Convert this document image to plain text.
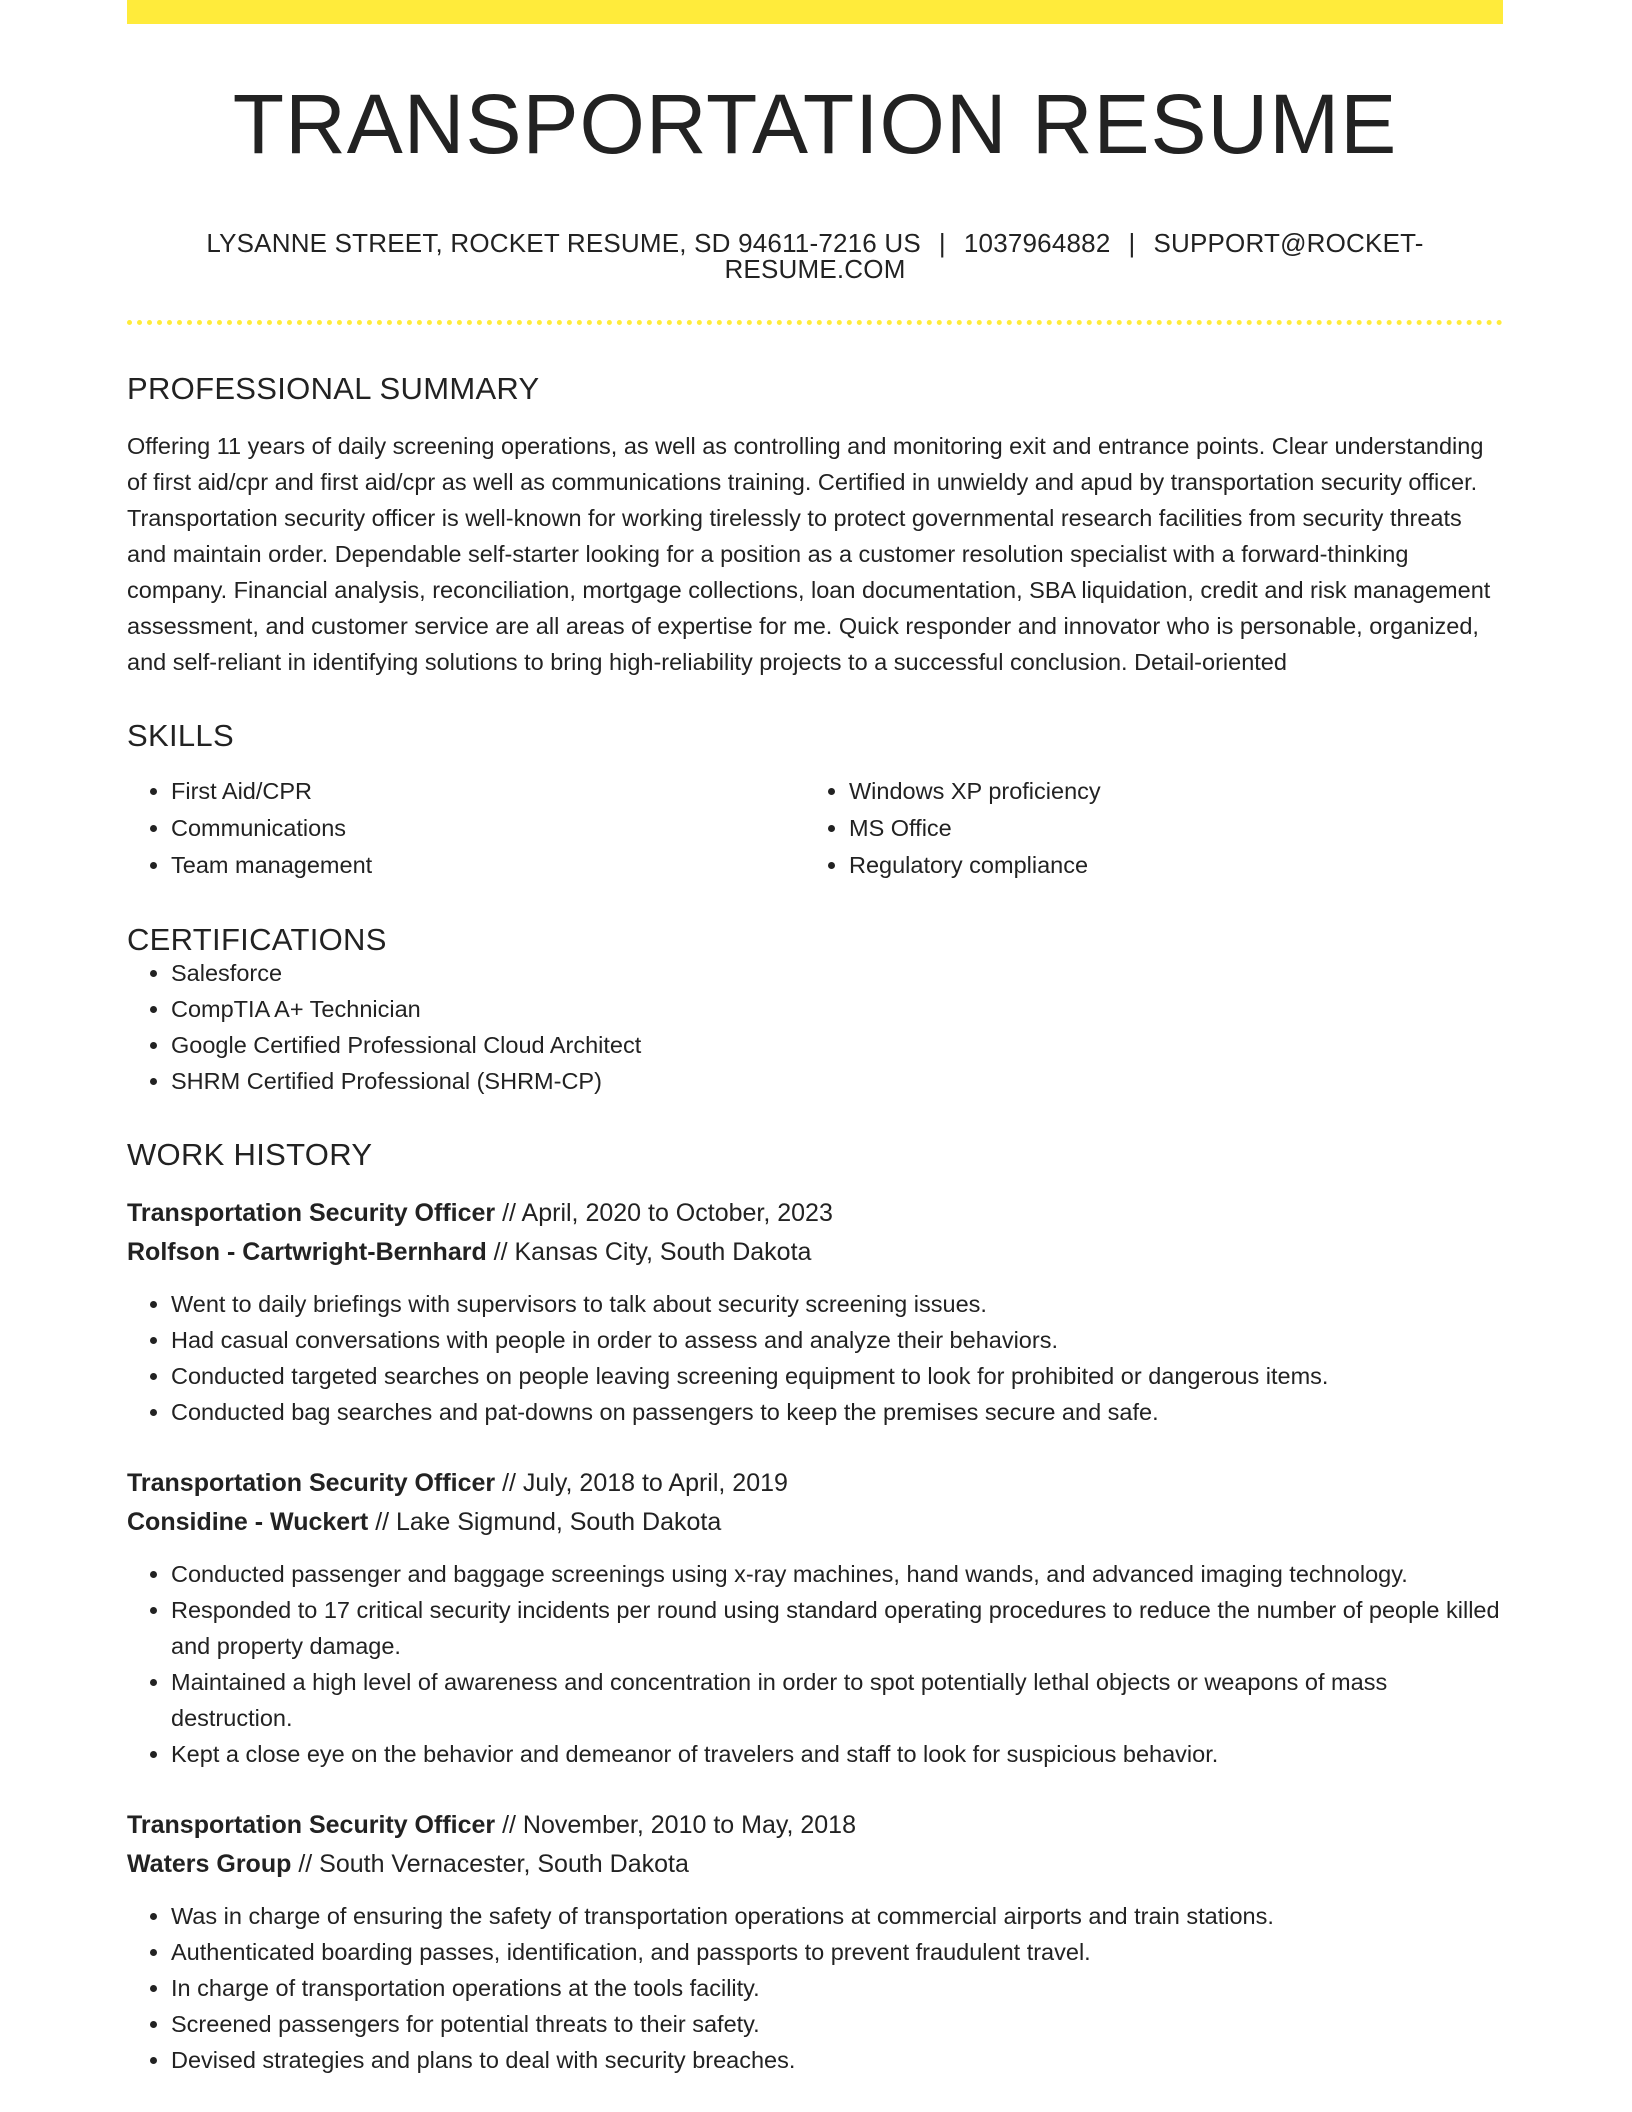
TRANSPORTATION RESUME
LYSANNE STREET, ROCKET RESUME, SD 94611-7216 US | 1037964882 | SUPPORT@ROCKET-RESUME.COM
PROFESSIONAL SUMMARY

Offering 11 years of daily screening operations, as well as controlling and monitoring exit and entrance points. Clear understanding of first aid/cpr and first aid/cpr as well as communications training. Certified in unwieldy and apud by transportation security officer. Transportation security officer is well-known for working tirelessly to protect governmental research facilities from security threats and maintain order. Dependable self-starter looking for a position as a customer resolution specialist with a forward-thinking company. Financial analysis, reconciliation, mortgage collections, loan documentation, SBA liquidation, credit and risk management assessment, and customer service are all areas of expertise for me. Quick responder and innovator who is personable, organized, and self-reliant in identifying solutions to bring high-reliability projects to a successful conclusion. Detail-oriented

SKILLS
• First Aid/CPR
• Communications
• Team management
• Windows XP proficiency
• MS Office
• Regulatory compliance
CERTIFICATIONS
• Salesforce
• CompTIA A+ Technician
• Google Certified Professional Cloud Architect
• SHRM Certified Professional (SHRM-CP)
WORK HISTORY
Transportation Security Officer // April, 2020 to October, 2023
Rolfson - Cartwright-Bernhard // Kansas City, South Dakota
• Went to daily briefings with supervisors to talk about security screening issues.
• Had casual conversations with people in order to assess and analyze their behaviors.
• Conducted targeted searches on people leaving screening equipment to look for prohibited or dangerous items.
• Conducted bag searches and pat-downs on passengers to keep the premises secure and safe.
Transportation Security Officer // July, 2018 to April, 2019
Considine - Wuckert // Lake Sigmund, South Dakota
• Conducted passenger and baggage screenings using x-ray machines, hand wands, and advanced imaging technology.
• Responded to 17 critical security incidents per round using standard operating procedures to reduce the number of people killed and property damage.
• Maintained a high level of awareness and concentration in order to spot potentially lethal objects or weapons of mass destruction.
• Kept a close eye on the behavior and demeanor of travelers and staff to look for suspicious behavior.
Transportation Security Officer // November, 2010 to May, 2018
Waters Group // South Vernacester, South Dakota
• Was in charge of ensuring the safety of transportation operations at commercial airports and train stations.
• Authenticated boarding passes, identification, and passports to prevent fraudulent travel.
• In charge of transportation operations at the tools facility.
• Screened passengers for potential threats to their safety.
• Devised strategies and plans to deal with security breaches.
